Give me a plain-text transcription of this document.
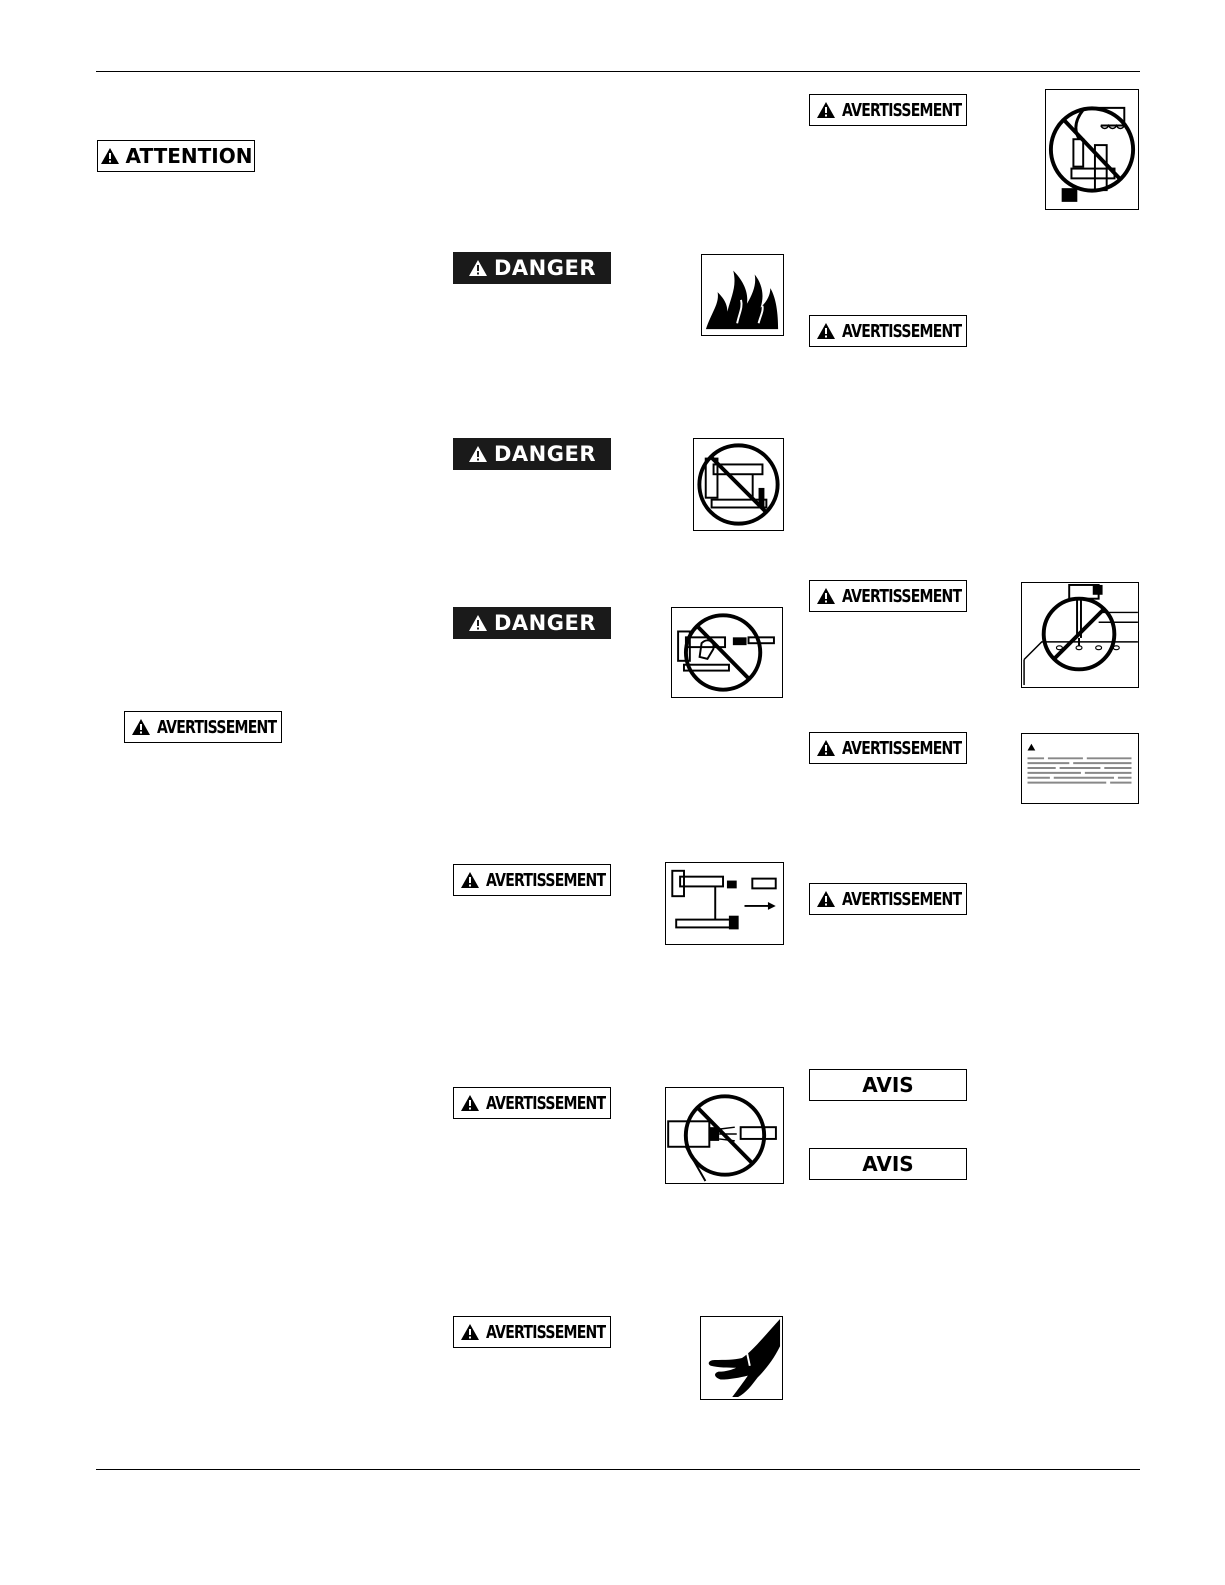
ATTENTION
AVERTISSEMENT
DANGER
DANGER
DANGER
AVERTISSEMENT
AVERTISSEMENT
AVERTISSEMENT
AVERTISSEMENT
AVERTISSEMENT
AVERTISSEMENT
AVERTISSEMENT
AVERTISSEMENT
AVIS
AVIS
